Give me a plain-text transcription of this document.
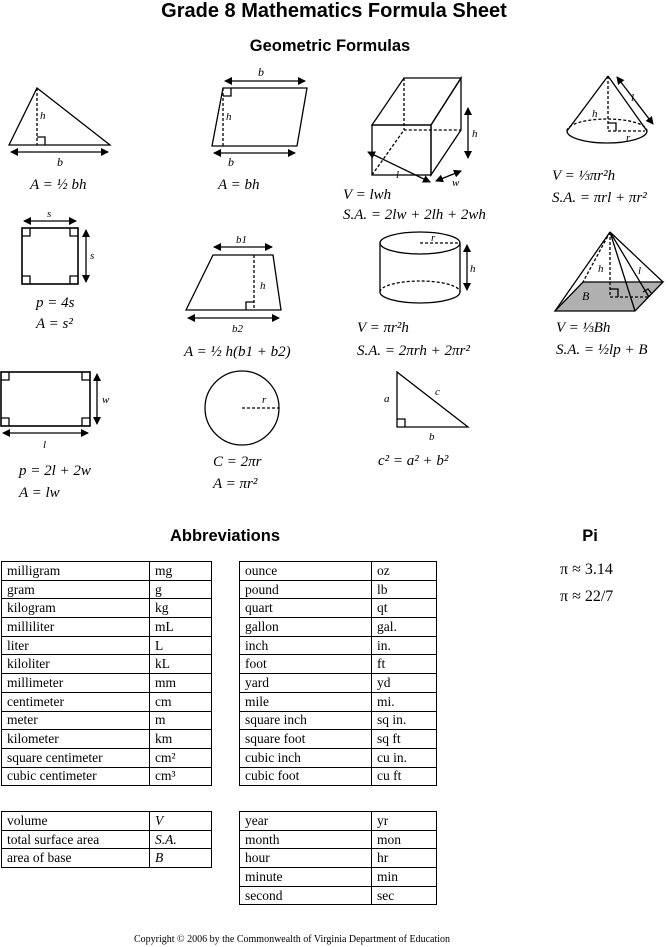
Grade 8 Mathematics Formula Sheet
Geometric Formulas
h
b
b
h
b
l
w
h
h
l
r
s
s
b1
h
b2
r
h	h	l
B
l
w	r	a
c
b
A = ½ bh	A = bh
V = lwh
S.A. = 2lw + 2lh + 2wh
V = ⅓πr²h
S.A. = πrl + πr²
p = 4s
A = s²
A = ½ h(b1 + b2)
V = πr²h
S.A. = 2πrh + 2πr²
V = ⅓Bh
S.A. = ½lp + B
p = 2l + 2w
A = lw
C = 2πr
A = πr²
c² = a² + b²
Abbreviations	Pi
π ≈ 3.14
π ≈ 22/7
milligram	mg
gram	g
kilogram	kg
milliliter	mL
liter	L
kiloliter	kL
millimeter	mm
centimeter	cm
meter	m
kilometer	km
square centimeter	cm²
cubic centimeter	cm³
ounce	oz
pound	lb
quart	qt
gallon	gal.
inch	in.
foot	ft
yard	yd
mile	mi.
square inch	sq in.
square foot	sq ft
cubic inch	cu in.
cubic foot	cu ft
volume	V
total surface area	S.A.
area of base	B
year	yr
month	mon
hour	hr
minute	min
second	sec
Copyright © 2006 by the Commonwealth of Virginia Department of Education
